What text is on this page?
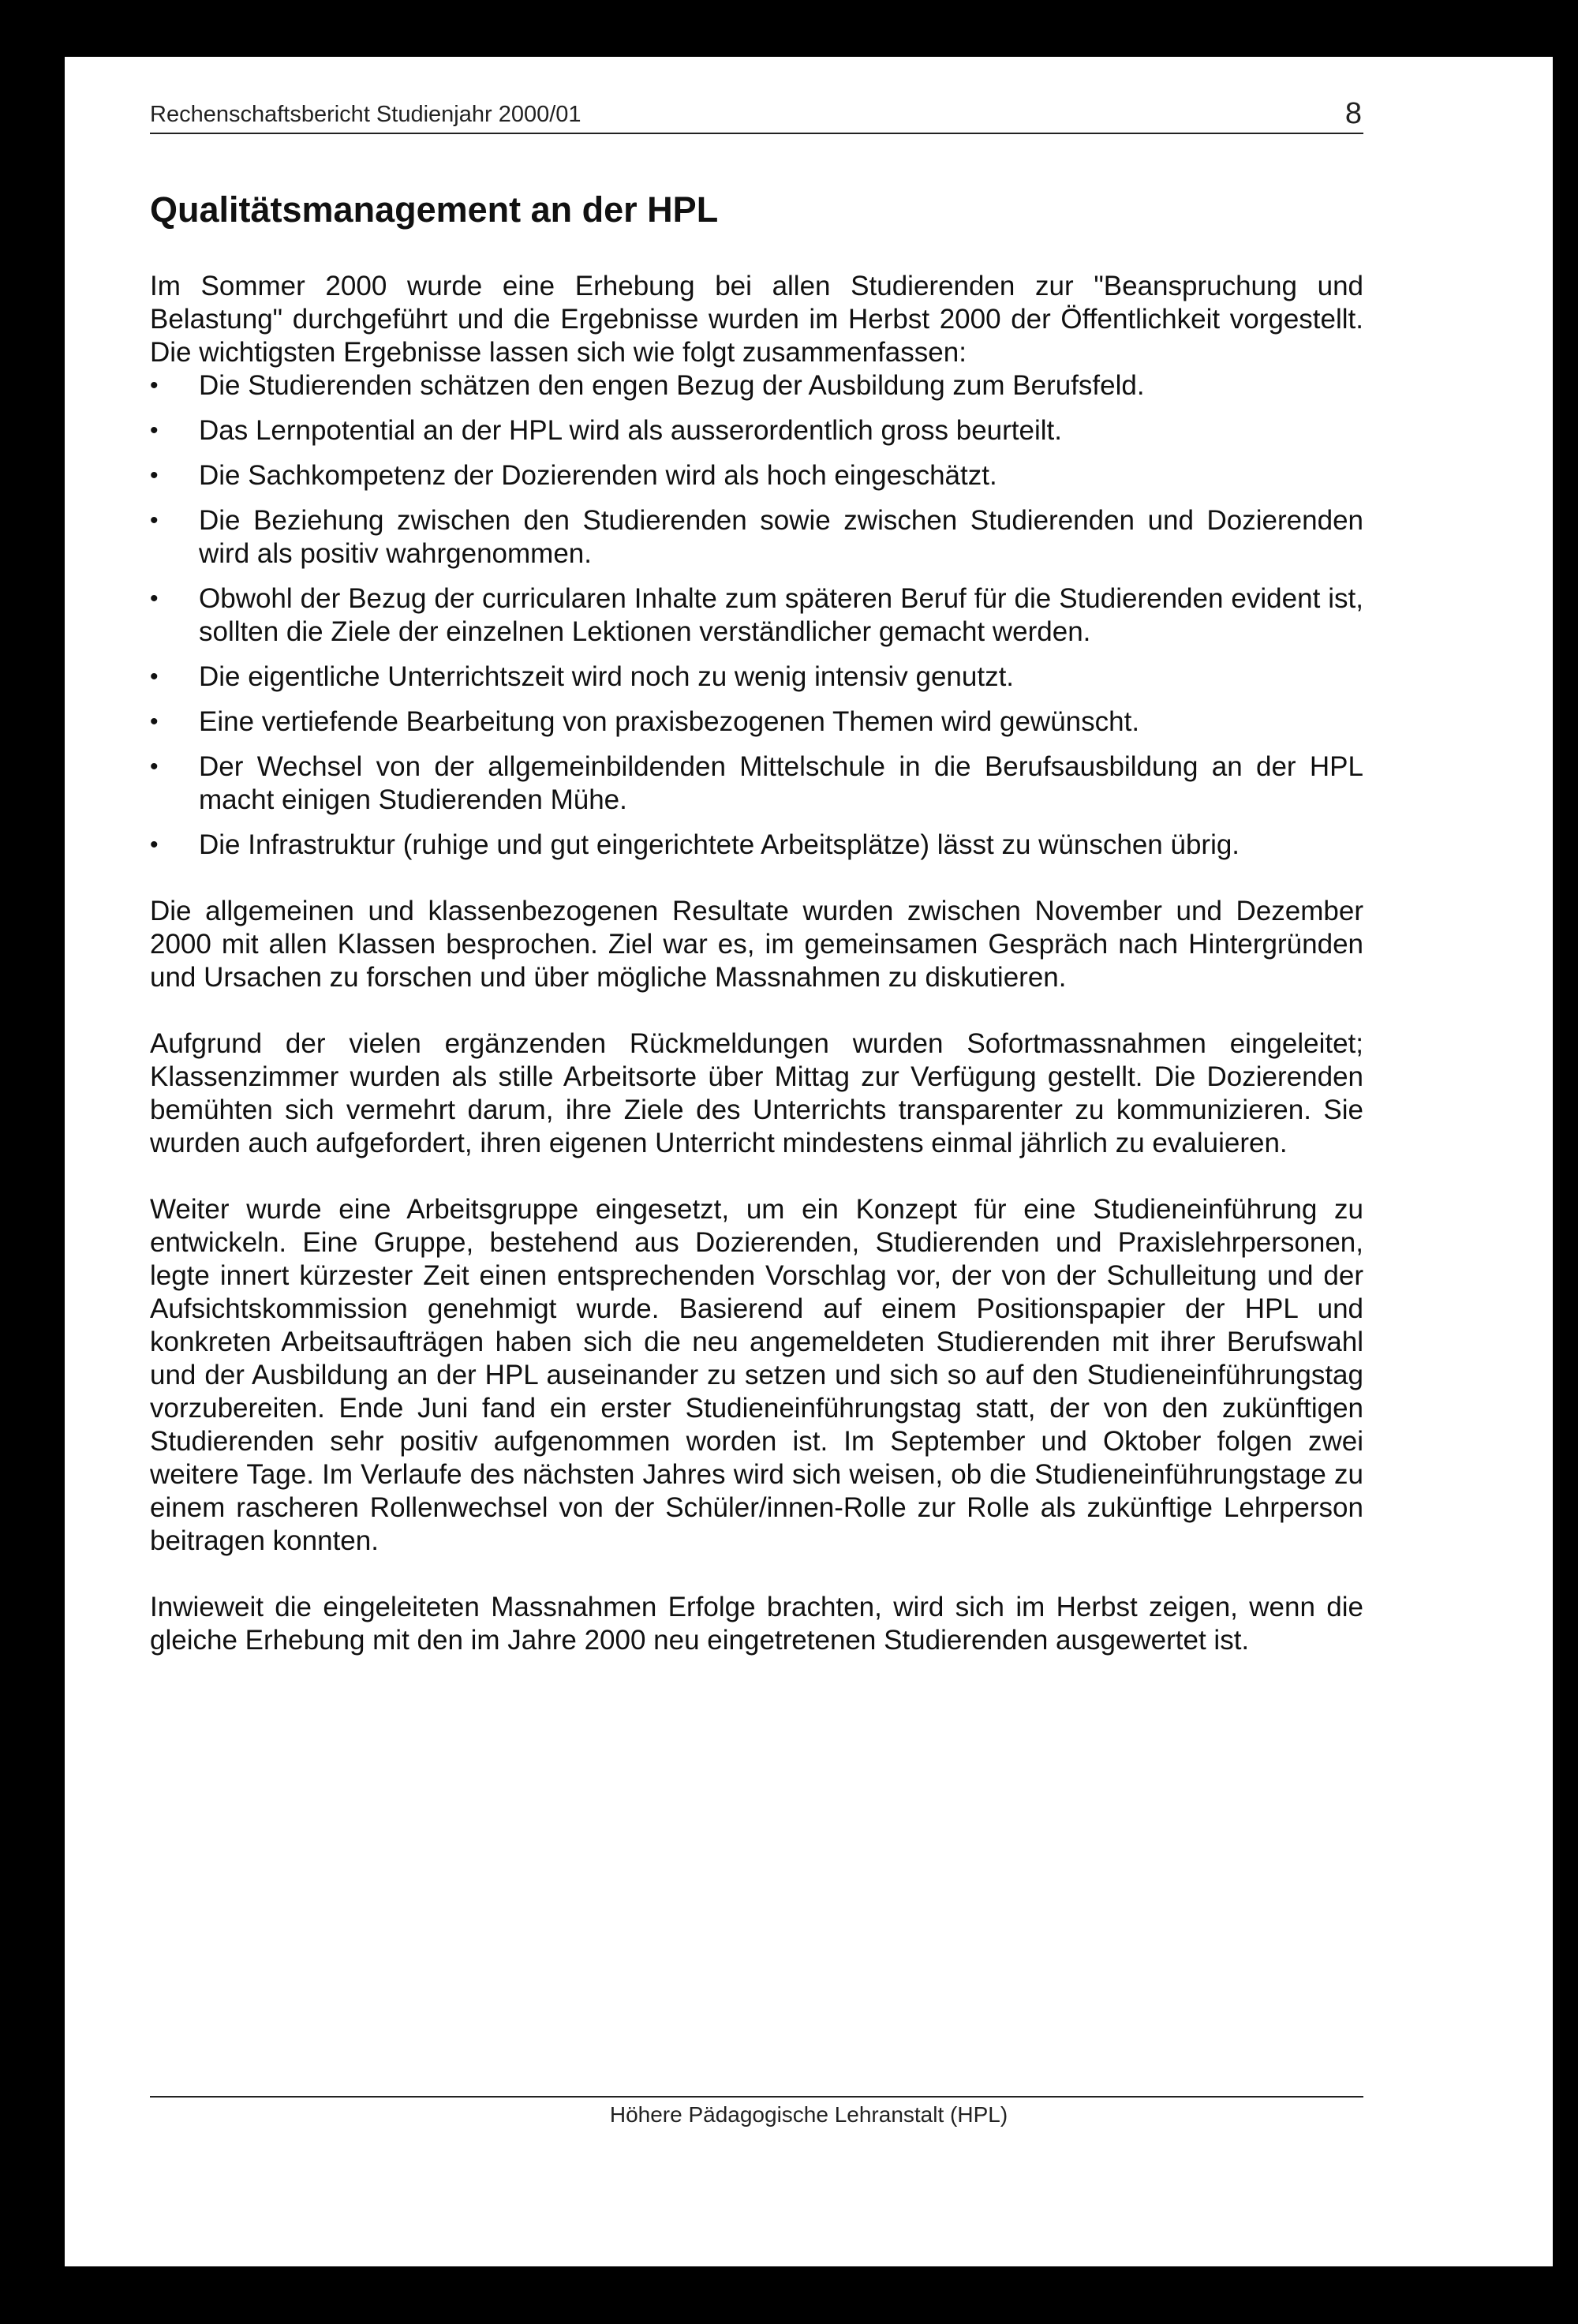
Rechenschaftsbericht Studienjahr 2000/01	8
Qualitätsmanagement an der HPL

Im Sommer 2000 wurde eine Erhebung bei allen Studierenden zur "Beanspruchung und Belastung" durchgeführt und die Ergebnisse wurden im Herbst 2000 der Öffentlichkeit vorgestellt. Die wichtigsten Ergebnisse lassen sich wie folgt zusammenfassen:

•	Die Studierenden schätzen den engen Bezug der Ausbildung zum Berufsfeld.
•	Das Lernpotential an der HPL wird als ausserordentlich gross beurteilt.
•	Die Sachkompetenz der Dozierenden wird als hoch eingeschätzt.
•	Die Beziehung zwischen den Studierenden sowie zwischen Studierenden und Dozierenden wird als positiv wahrgenommen.
•	Obwohl der Bezug der curricularen Inhalte zum späteren Beruf für die Studierenden evident ist, sollten die Ziele der einzelnen Lektionen verständlicher gemacht werden.
•	Die eigentliche Unterrichtszeit wird noch zu wenig intensiv genutzt.
•	Eine vertiefende Bearbeitung von praxisbezogenen Themen wird gewünscht.
•	Der Wechsel von der allgemeinbildenden Mittelschule in die Berufsausbildung an der HPL macht einigen Studierenden Mühe.
•	Die Infrastruktur (ruhige und gut eingerichtete Arbeitsplätze) lässt zu wünschen übrig.

Die allgemeinen und klassenbezogenen Resultate wurden zwischen November und Dezember 2000 mit allen Klassen besprochen. Ziel war es, im gemeinsamen Gespräch nach Hintergründen und Ursachen zu forschen und über mögliche Massnahmen zu diskutieren.

Aufgrund der vielen ergänzenden Rückmeldungen wurden Sofortmassnahmen eingeleitet; Klassenzimmer wurden als stille Arbeitsorte über Mittag zur Verfügung gestellt. Die Dozierenden bemühten sich vermehrt darum, ihre Ziele des Unterrichts transparenter zu kommunizieren. Sie wurden auch aufgefordert, ihren eigenen Unterricht mindestens einmal jährlich zu evaluieren.

Weiter wurde eine Arbeitsgruppe eingesetzt, um ein Konzept für eine Studieneinführung zu entwickeln. Eine Gruppe, bestehend aus Dozierenden, Studierenden und Praxislehrpersonen, legte innert kürzester Zeit einen entsprechenden Vorschlag vor, der von der Schulleitung und der Aufsichtskommission genehmigt wurde. Basierend auf einem Positionspapier der HPL und konkreten Arbeitsaufträgen haben sich die neu angemeldeten Studierenden mit ihrer Berufswahl und der Ausbildung an der HPL auseinander zu setzen und sich so auf den Studieneinführungstag vorzubereiten. Ende Juni fand ein erster Studieneinführungstag statt, der von den zukünftigen Studierenden sehr positiv aufgenommen worden ist. Im September und Oktober folgen zwei weitere Tage. Im Verlaufe des nächsten Jahres wird sich weisen, ob die Studieneinführungstage zu einem rascheren Rollenwechsel von der Schüler/innen-Rolle zur Rolle als zukünftige Lehrperson beitragen konnten.

Inwieweit die eingeleiteten Massnahmen Erfolge brachten, wird sich im Herbst zeigen, wenn die gleiche Erhebung mit den im Jahre 2000 neu eingetretenen Studierenden ausgewertet ist.

Höhere Pädagogische Lehranstalt (HPL)
